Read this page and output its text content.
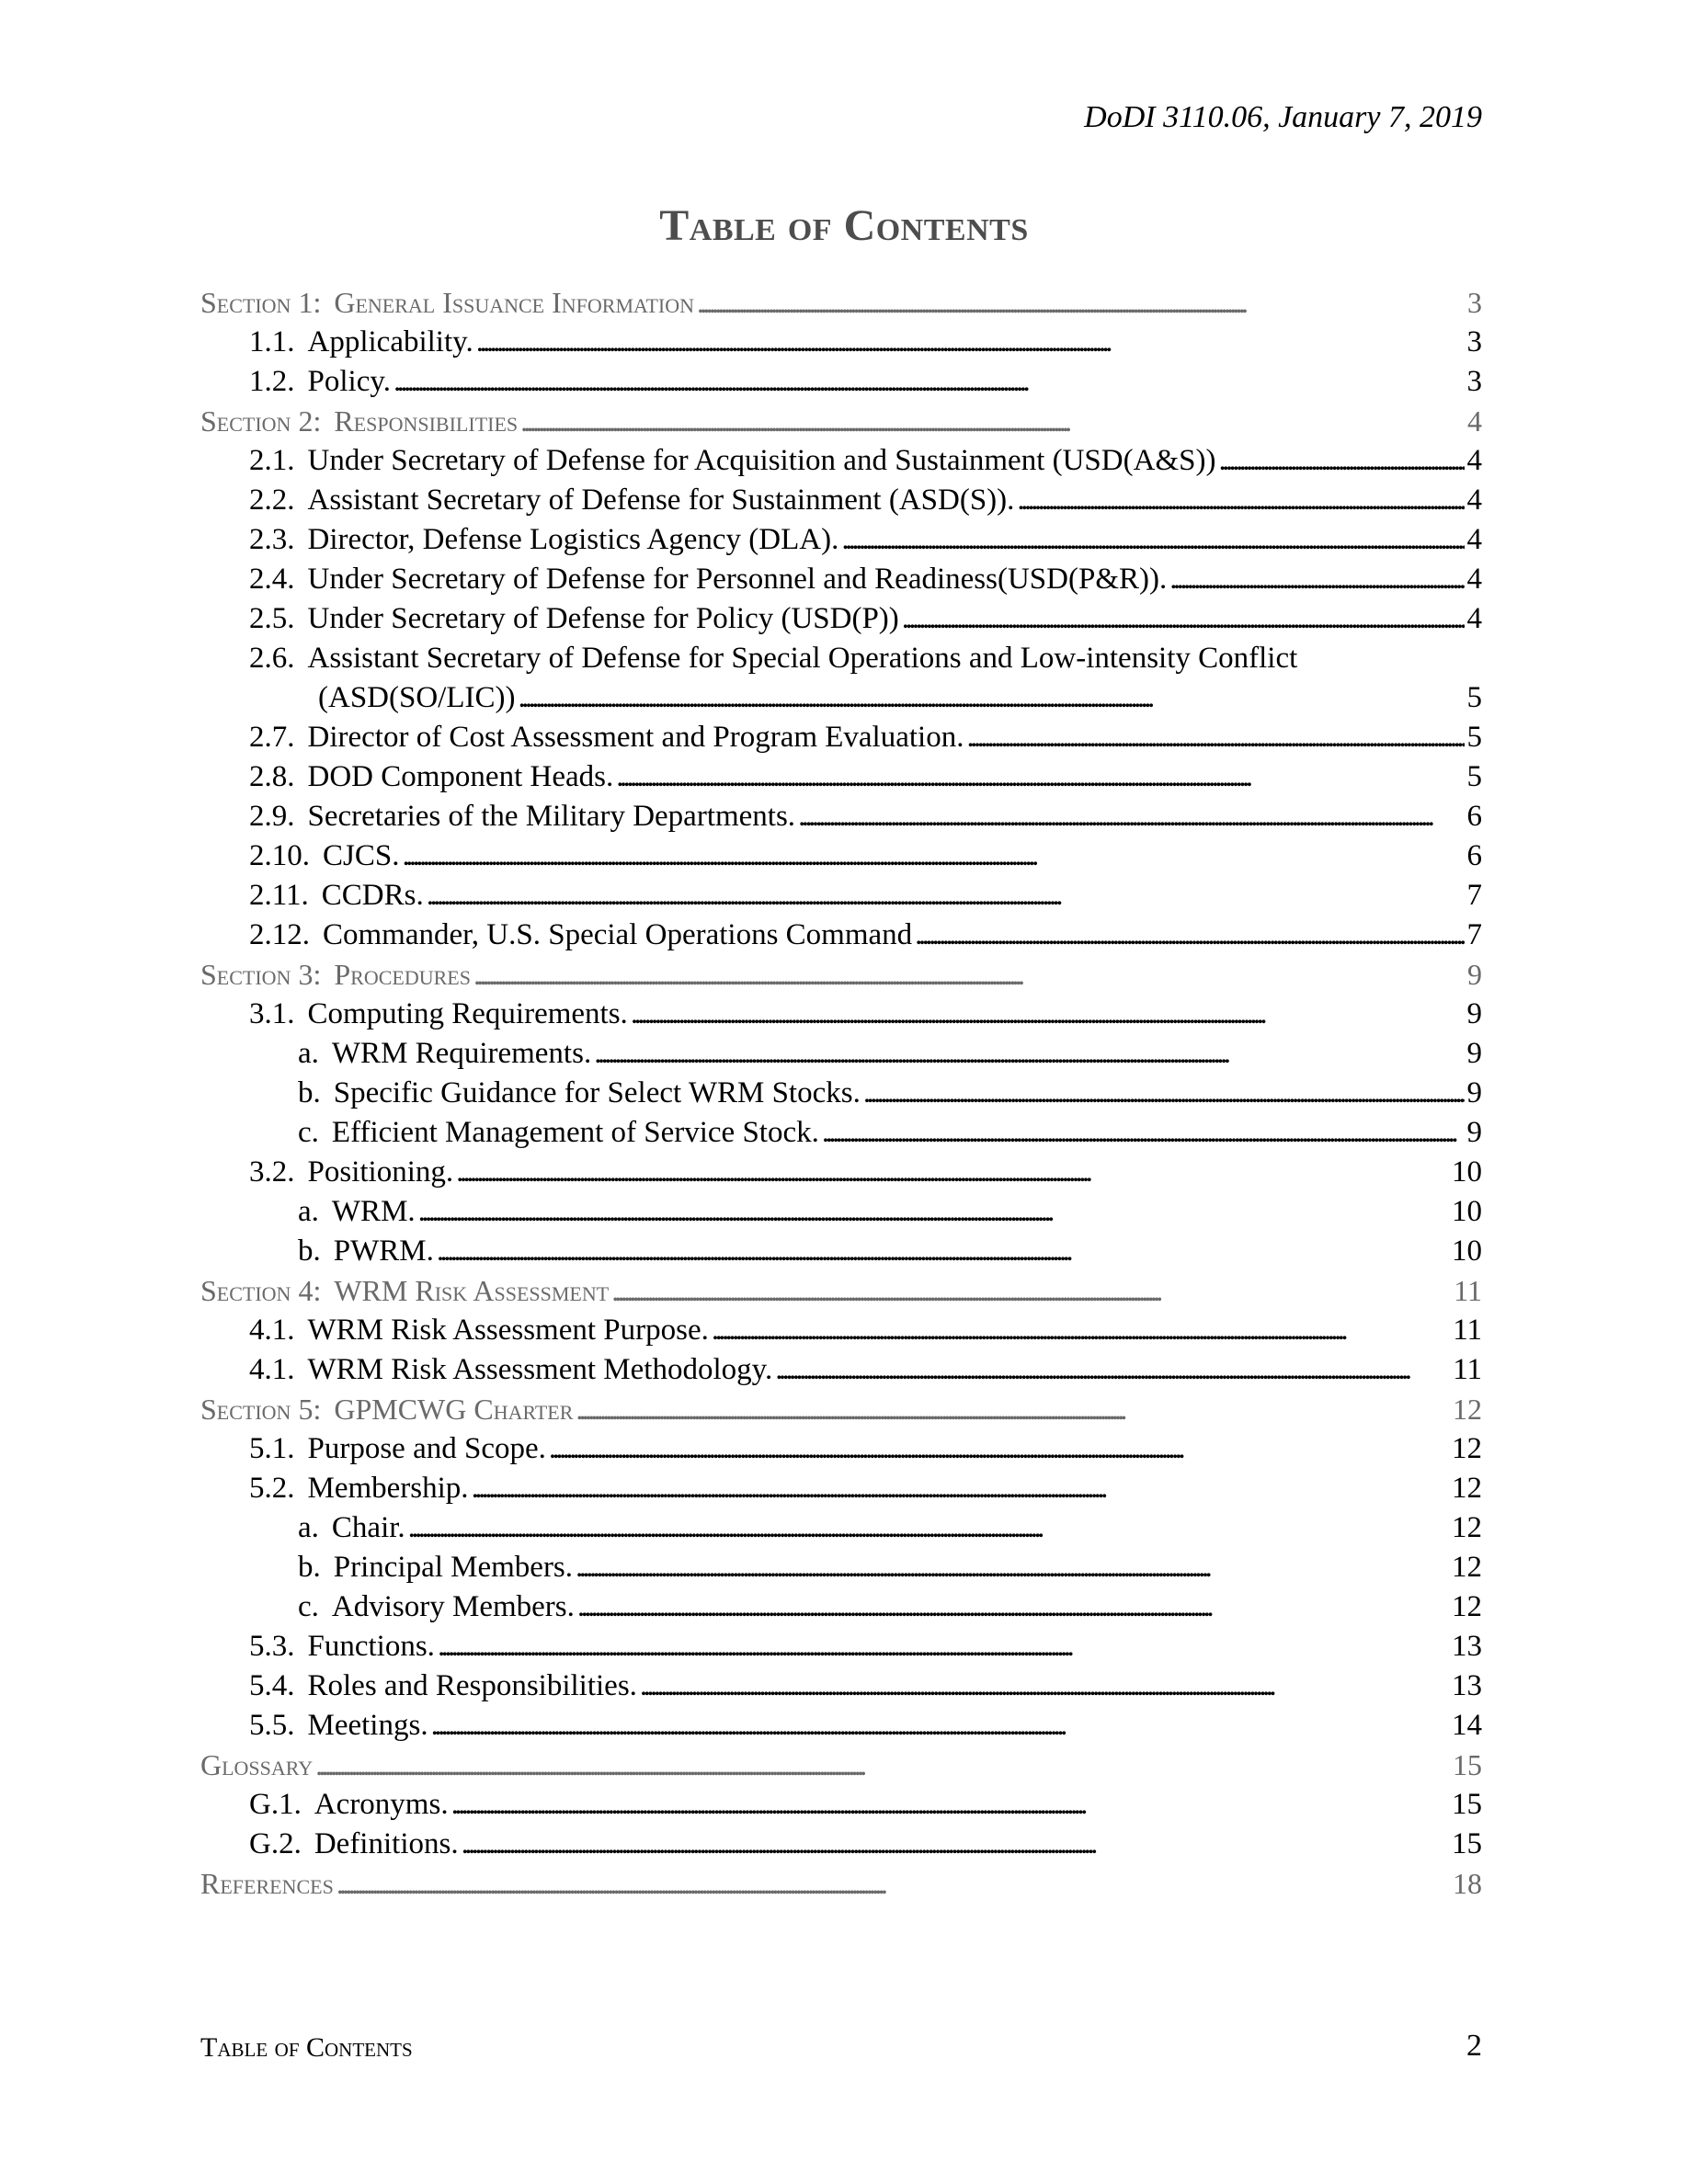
DoDI 3110.06, January 7, 2019
Table of Contents
Section 1: General Issuance Information . . .	3
1.1. Applicability. . . .	3
1.2. Policy. . . .	3
Section 2: Responsibilities . . .	4
2.1. Under Secretary of Defense for Acquisition and Sustainment (USD(A&S)) . . .	4
2.2. Assistant Secretary of Defense for Sustainment (ASD(S)). . . .	4
2.3. Director, Defense Logistics Agency (DLA). . . .	4
2.4. Under Secretary of Defense for Personnel and Readiness(USD(P&R)). . . .	4
2.5. Under Secretary of Defense for Policy (USD(P)) . . .	4
2.6. Assistant Secretary of Defense for Special Operations and Low-intensity Conflict
(ASD(SO/LIC)) . . .	5
2.7. Director of Cost Assessment and Program Evaluation. . . .	5
2.8. DOD Component Heads. . . .	5
2.9. Secretaries of the Military Departments. . . .	6
2.10. CJCS. . . .	6
2.11. CCDRs. . . .	7
2.12. Commander, U.S. Special Operations Command . . .	7
Section 3: Procedures . . .	9
3.1. Computing Requirements. . . .	9
a. WRM Requirements. . . .	9
b. Specific Guidance for Select WRM Stocks. . . .	9
c. Efficient Management of Service Stock. . . .	9
3.2. Positioning. . . .	10
a. WRM. . . .	10
b. PWRM. . . .	10
Section 4: WRM Risk Assessment . . .	11
4.1. WRM Risk Assessment Purpose. . . .	11
4.1. WRM Risk Assessment Methodology. . . .	11
Section 5: GPMCWG Charter . . .	12
5.1. Purpose and Scope. . . .	12
5.2. Membership. . . .	12
a. Chair. . . .	12
b. Principal Members. . . .	12
c. Advisory Members. . . .	12
5.3. Functions. . . .	13
5.4. Roles and Responsibilities. . . .	13
5.5. Meetings. . . .	14
Glossary . . .	15
G.1. Acronyms. . . .	15
G.2. Definitions. . . .	15
References . . .	18
Table of Contents	2
